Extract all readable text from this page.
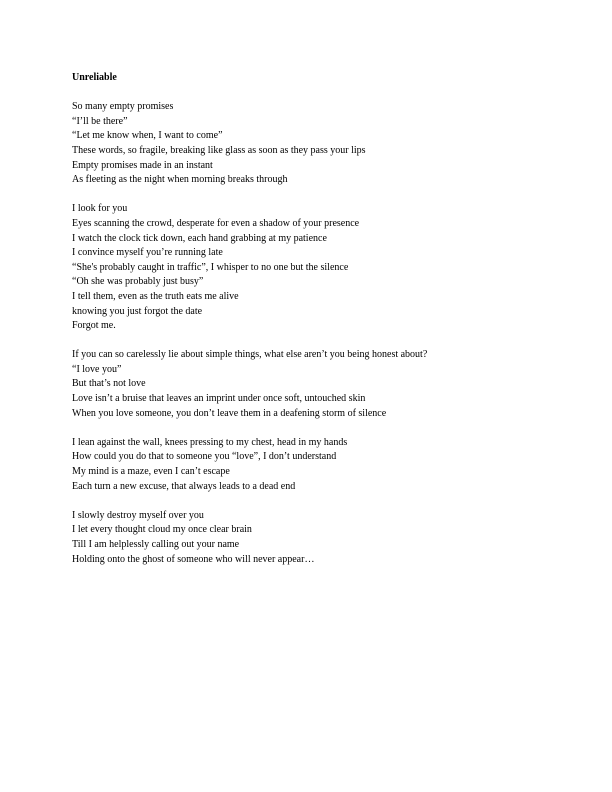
Unreliable
So many empty promises
“I’ll be there”
“Let me know when, I want to come”
These words, so fragile, breaking like glass as soon as they pass your lips
Empty promises made in an instant
As fleeting as the night when morning breaks through
I look for you
Eyes scanning the crowd, desperate for even a shadow of your presence
I watch the clock tick down, each hand grabbing at my patience
I convince myself you’re running late
“She's probably caught in traffic”, I whisper to no one but the silence
“Oh she was probably just busy”
I tell them, even as the truth eats me alive
knowing you just forgot the date
Forgot me.
If you can so carelessly lie about simple things, what else aren’t you being honest about?
“I love you”
But that’s not love
Love isn’t a bruise that leaves an imprint under once soft, untouched skin
When you love someone, you don’t leave them in a deafening storm of silence
I lean against the wall, knees pressing to my chest, head in my hands
How could you do that to someone you “love”, I don’t understand
My mind is a maze, even I can’t escape
Each turn a new excuse, that always leads to a dead end
I slowly destroy myself over you
I let every thought cloud my once clear brain
Till I am helplessly calling out your name
Holding onto the ghost of someone who will never appear…
